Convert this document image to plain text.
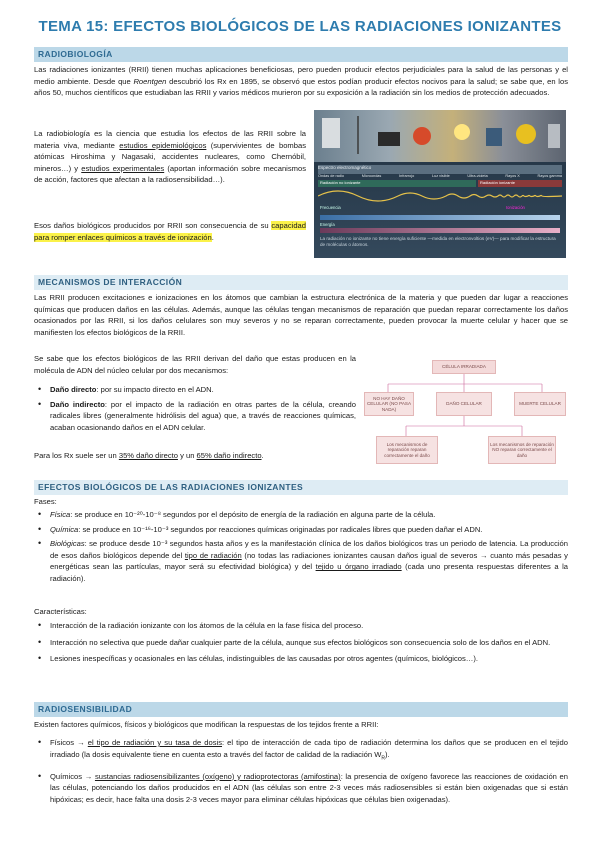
TEMA 15: EFECTOS BIOLÓGICOS DE LAS RADIACIONES IONIZANTES
RADIOBIOLOGÍA
Las radiaciones ionizantes (RRII) tienen muchas aplicaciones beneficiosas, pero pueden producir efectos perjudiciales para la salud de las personas y el medio ambiente. Desde que Roentgen descubrió los Rx en 1895, se observó que estos podían producir efectos nocivos para la salud; se sabe que, en los años 50, muchos científicos que estudiaban las RRII y varios médicos murieron por su exposición a la radiación sin los medios de protección adecuados.
La radiobiología es la ciencia que estudia los efectos de las RRII sobre la materia viva, mediante estudios epidemiológicos (supervivientes de bombas atómicas Hiroshima y Nagasaki, accidentes nucleares, como Chernóbil, mineros…) y estudios experimentales (aportan información sobre mecanismos de acción, factores que afectan a la radiosensibilidad…).
Esos daños biológicos producidos por RRII son consecuencia de su capacidad para romper enlaces químicos a través de ionización.
Espectro electromagnético
Ondas de radio	Microondas	Infrarrojo	Luz visible	Ultra-violeta	Rayos X	Rayos gamma
Radiación no ionizante	Radiación ionizante
Frecuencia
Energía
Ionización
La radiación no ionizante no tiene energía suficiente —medida en electronvoltios (eV)— para modificar la estructura de moléculas o átomos.
MECANISMOS DE INTERACCIÓN
Las RRII producen excitaciones e ionizaciones en los átomos que cambian la estructura electrónica de la materia y que pueden dar lugar a reacciones químicas que producen daños en las células. Además, aunque las células tengan mecanismos de reparación que puedan reparar correctamente los daños ocasionados por las RRII, si los daños celulares son muy severos y no se reparan correctamente, pueden provocar la muerte celular y hacer que se manifiesten los efectos biológicos de la RRII.
Se sabe que los efectos biológicos de las RRII derivan del daño que estas producen en la molécula de ADN del núcleo celular por dos mecanismos:
• Daño directo: por su impacto directo en el ADN.
• Daño indirecto: por el impacto de la radiación en otras partes de la célula, creando radicales libres (generalmente hidrólisis del agua) que, a través de reacciones químicas, acaban ocasionando daños en el ADN celular.
Para los Rx suele ser un 35% daño directo y un 65% daño indirecto.
CÉLULA IRRADIADA
NO HAY DAÑO CELULAR (NO PASA NADA)
DAÑO CELULAR	MUERTE CELULAR
Los mecanismos de reparación reparan correctamente el daño
Los mecanismos de reparación NO reparan correctamente el daño
EFECTOS BIOLÓGICOS DE LAS RADIACIONES IONIZANTES
Fases:
• Física: se produce en 10⁻²⁰-10⁻⁸ segundos por el depósito de energía de la radiación en alguna parte de la célula.
• Química: se produce en 10⁻¹⁶-10⁻³ segundos por reacciones químicas originadas por radicales libres que pueden dañar el ADN.
• Biológicas: se produce desde 10⁻³ segundos hasta años y es la manifestación clínica de los daños biológicos tras un periodo de latencia. La producción de esos daños biológicos depende del tipo de radiación (no todas las radiaciones ionizantes causan daños igual de severos → cuanto más pesadas y energéticas sean las partículas, mayor será su efectividad biológica) y del tejido u órgano irradiado (cada uno presenta respuestas diferentes a la radiación).
Características:
• Interacción de la radiación ionizante con los átomos de la célula en la fase física del proceso.
• Interacción no selectiva que puede dañar cualquier parte de la célula, aunque sus efectos biológicos son consecuencia solo de los daños en el ADN.
• Lesiones inespecíficas y ocasionales en las células, indistinguibles de las causadas por otros agentes (químicos, biológicos…).
RADIOSENSIBILIDAD
Existen factores químicos, físicos y biológicos que modifican la respuestas de los tejidos frente a RRII:
• Físicos → el tipo de radiación y su tasa de dosis: el tipo de interacción de cada tipo de radiación determina los daños que se producen en el tejido irradiado (la dosis equivalente tiene en cuenta esto a través del factor de calidad de la radiación $W_R$).
• Químicos → sustancias radiosensibilizantes (oxígeno) y radioprotectoras (amifostina): la presencia de oxígeno favorece las reacciones de oxidación en las células, potenciando los daños producidos en el ADN (las células son entre 2-3 veces más radiosensibles si están bien oxigenadas que si están hipóxicas; es decir, hace falta una dosis 2-3 veces mayor para eliminar células hipóxicas que células bien oxigenadas).
